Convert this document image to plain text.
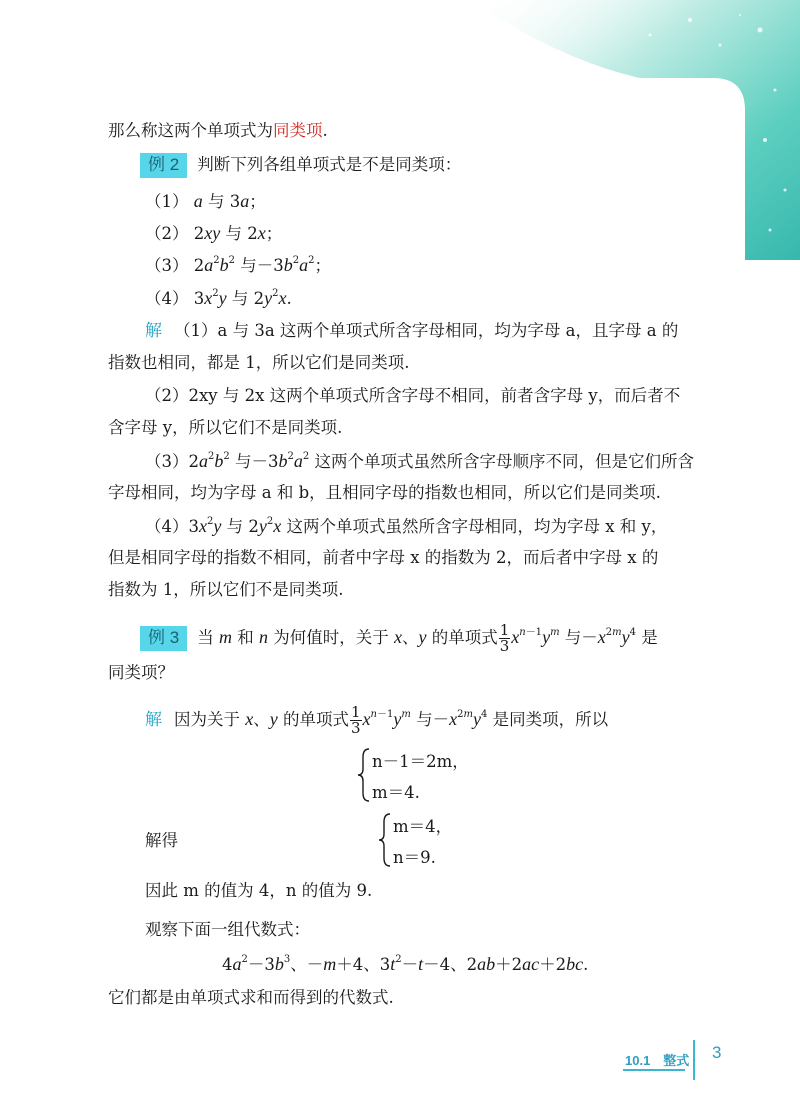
那么称这两个单项式为同类项.
例 2 判断下列各组单项式是不是同类项：
（1） a 与 3a；
（2） 2xy 与 2x；
（3） $2a^2b^2$ 与$-3b^2a^2$；
（4） $3x^2y$ 与 $2y^2x$.
解 （1）a 与 3a 这两个单项式所含字母相同，均为字母 a，且字母 a 的
指数也相同，都是 1，所以它们是同类项.
（2）2xy 与 2x 这两个单项式所含字母不相同，前者含字母 y，而后者不
含字母 y，所以它们不是同类项.
$(3)2a^2b^2$ 与$-3b^2a^2$ 这两个单项式虽然所含字母顺序不同，但是它们所含
字母相同，均为字母 a 和 b，且相同字母的指数也相同，所以它们是同类项.
$(4)3x^2y$ 与 $2y^2x$ 这两个单项式虽然所含字母相同，均为字母 x 和 y，
但是相同字母的指数不相同，前者中字母 x 的指数为 2，而后者中字母 x 的
指数为 1，所以它们不是同类项.
例 3 当 m 和 n 为何值时，关于 x、y 的单项式 $\frac{1}{3} x^{n-1}y^m$ 与$-x^{2m}y^4$ 是
同类项？
解 因为关于 x、y 的单项式 $\frac{1}{3} x^{n-1}y^m$ 与$-x^{2m}y^4$ 是同类项，所以
n－1＝2m，
m＝4.
解得
m＝4，
n＝9.
因此 m 的值为 4，n 的值为 9.
观察下面一组代数式：
$4a^2-3b^3$、－m＋4、$3t^2-t-4$、2ab＋2ac＋2bc.
它们都是由单项式求和而得到的代数式.
10.1　整式 3
